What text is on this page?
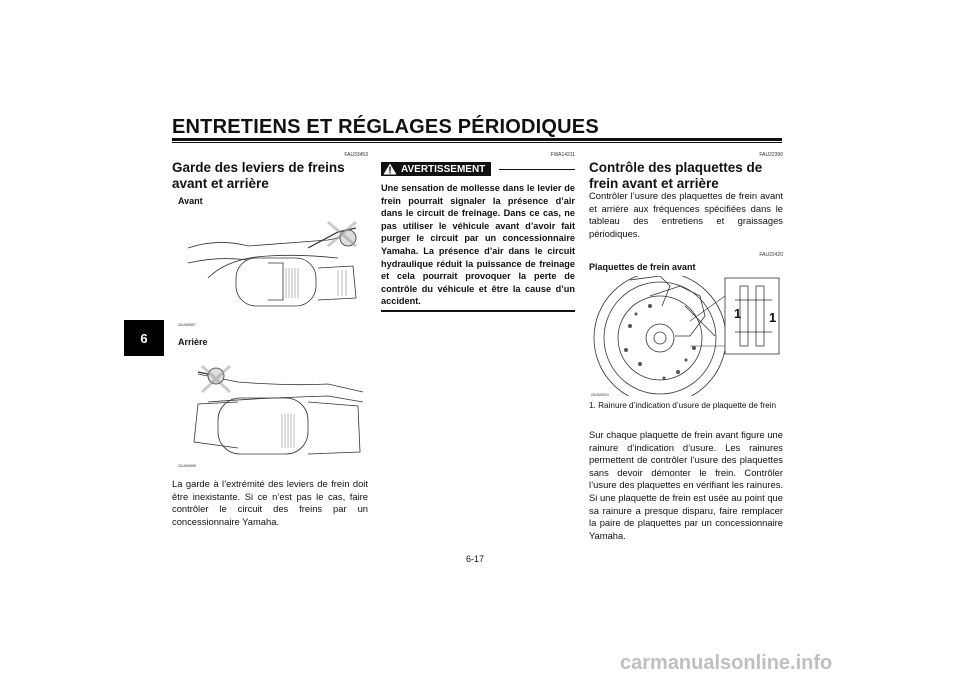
ENTRETIENS ET RÉGLAGES PÉRIODIQUES
6
FAU33453
Garde des leviers de freins avant et arrière
Avant
ZAUM0897
Arrière
ZAUM0898
La garde à l’extrémité des leviers de frein doit être inexistante. Si ce n’est pas le cas, faire contrôler le circuit des freins par un concessionnaire Yamaha.
FWA14211
AVERTISSEMENT
Une sensation de mollesse dans le levier de frein pourrait signaler la présence d’air dans le circuit de freinage. Dans ce cas, ne pas utiliser le véhicule avant d’avoir fait purger le circuit par un concessionnaire Yamaha. La présence d’air dans le circuit hydraulique réduit la puissance de freinage et cela pourrait provoquer la perte de contrôle du véhicule et être la cause d’un accident.
FAU22390
Contrôle des plaquettes de frein avant et arrière
Contrôler l’usure des plaquettes de frein avant et arrière aux fréquences spécifiées dans le tableau des entretiens et graissages périodiques.
FAU22420
Plaquettes de frein avant
1 1
ZAUM0903
1. Rainure d’indication d’usure de plaquette de frein
Sur chaque plaquette de frein avant figure une rainure d’indication d’usure. Les rainures permettent de contrôler l’usure des plaquettes sans devoir démonter le frein. Contrôler l’usure des plaquettes en vérifiant les rainures. Si une plaquette de frein est usée au point que sa rainure a presque disparu, faire remplacer la paire de plaquettes par un concessionnaire Yamaha.
6-17
carmanualsonline.info
